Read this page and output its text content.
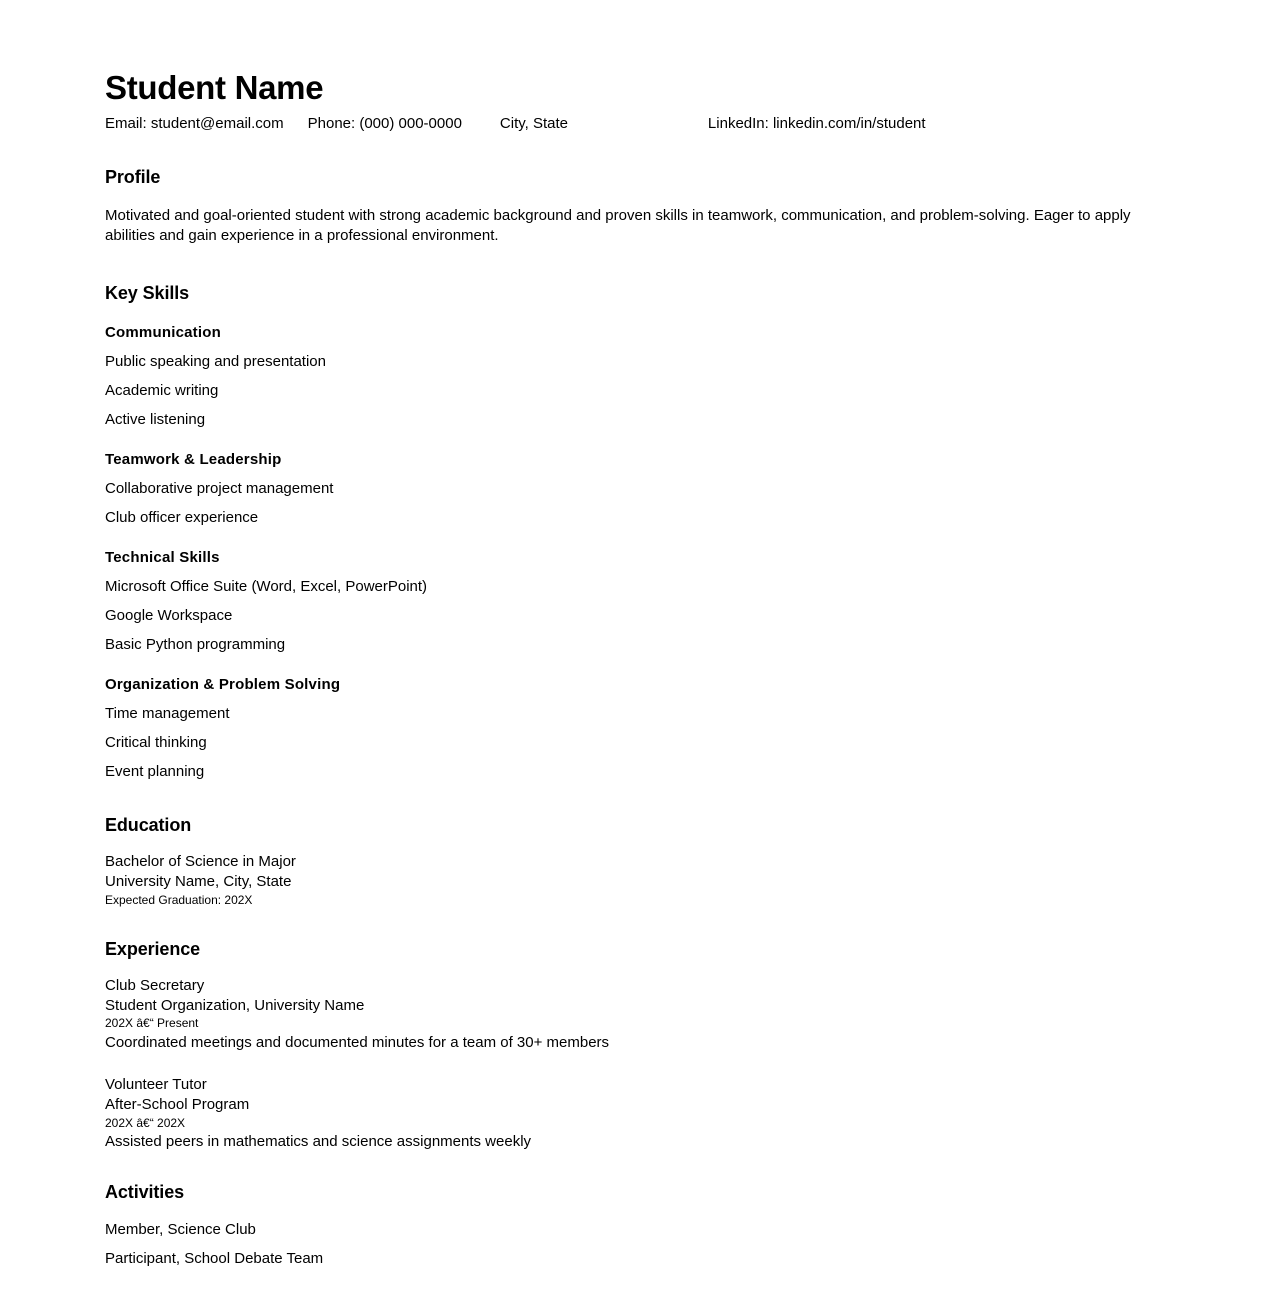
Student Name
Email: student@email.com Phone: (000) 000-0000	City, State	LinkedIn: linkedin.com/in/student
Profile

Motivated and goal-oriented student with strong academic background and proven skills in teamwork, communication, and problem-solving. Eager to apply abilities and gain experience in a professional environment.

Key Skills
Communication

Public speaking and presentation

Academic writing

Active listening

Teamwork & Leadership

Collaborative project management

Club officer experience

Technical Skills

Microsoft Office Suite (Word, Excel, PowerPoint)

Google Workspace

Basic Python programming

Organization & Problem Solving

Time management

Critical thinking

Event planning

Education

Bachelor of Science in Major

University Name, City, State

Expected Graduation: 202X

Experience

Club Secretary

Student Organization, University Name

202X â€“ Present

Coordinated meetings and documented minutes for a team of 30+ members

Volunteer Tutor

After-School Program

202X â€“ 202X

Assisted peers in mathematics and science assignments weekly

Activities

Member, Science Club

Participant, School Debate Team
